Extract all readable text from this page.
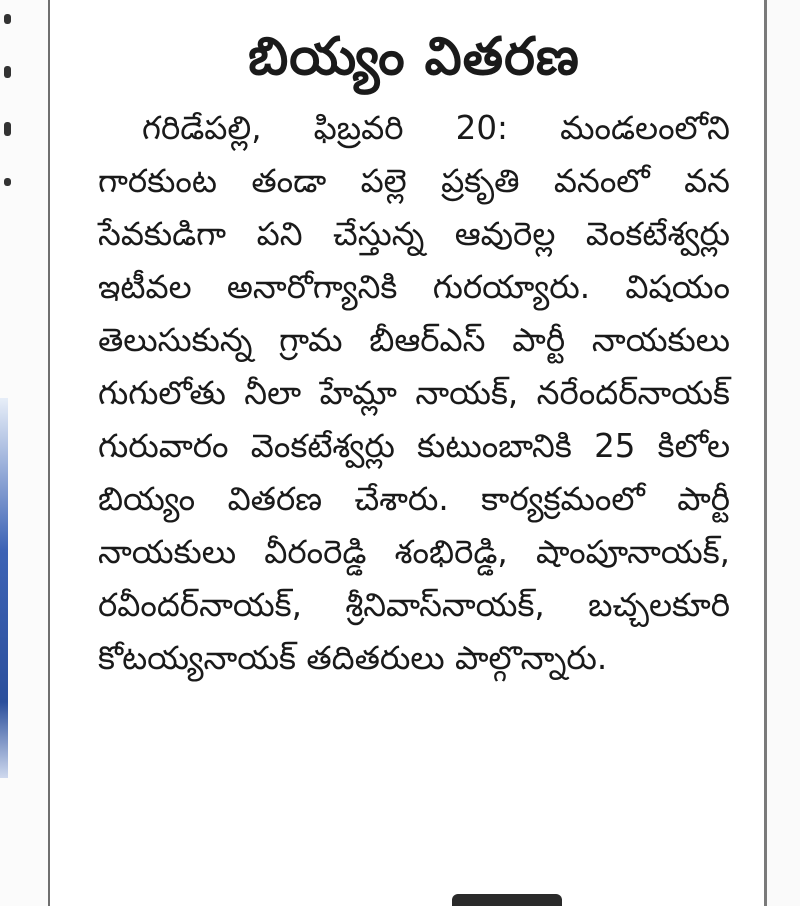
బియ్యం వితరణ
గరిడేపల్లి, ఫిబ్రవరి 20: మండలంలోని గారకుంట తండా పల్లె ప్రకృతి వనంలో వన సేవకుడిగా పని చేస్తున్న ఆవురెల్ల వెంకటేశ్వర్లు ఇటీవల అనారోగ్యానికి గురయ్యారు. విషయం తెలుసుకున్న గ్రామ బీఆర్ఎస్ పార్టీ నాయకులు గుగులోతు నీలా హేమ్లా నాయక్, నరేందర్‌నాయక్ గురువారం వెంకటేశ్వర్లు కుటుంబానికి 25 కిలోల బియ్యం వితరణ చేశారు. కార్యక్రమంలో పార్టీ నాయకులు వీరంరెడ్డి శంభిరెడ్డి, షాంపూనాయక్, రవీందర్‌నాయక్, శ్రీనివాస్‌నాయక్, బచ్చలకూరి కోటయ్యనాయక్ తదితరులు పాల్గొన్నారు.
